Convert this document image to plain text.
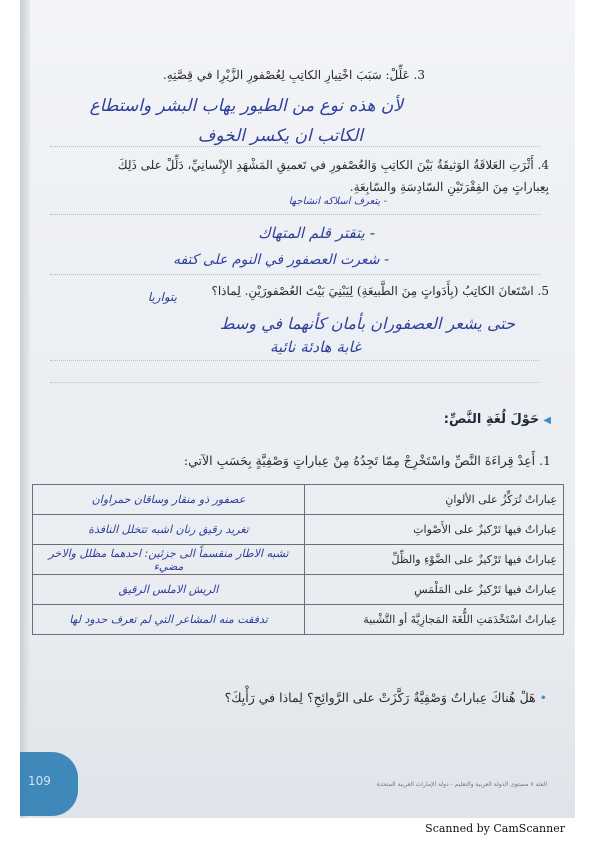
3. عَلِّلْ: سَبَبَ اخْتِيارِ الكاتِبِ لِعُصْفورِ الزَّيْرِا في قِصَّتِهِ.
لأن هذه نوع من الطيور يهاب البشر واستطاع
الكاتب ان يكسر الخوف
4. أَثْرَتِ العَلاقَةُ الوَثيقَةُ بَيْنَ الكاتِبِ وَالعُصْفورِ في تَعميقِ المَشْهَدِ الإِنْسانِيِّ، دَلِّلْ على ذَلِكَ
بِعِباراتٍ مِنَ الفِقْرَتَيْنِ السّادِسَةِ والسّابِعَةِ.
- يتعرف اسلاكه انشاجها
- يتقتر قلم المتهاك
- شعرت العصفور في النوم على كتفه
5. اسْتَعانَ الكاتِبُ (بِأَدَواتٍ مِنَ الطَّبيعَةِ) لِيَبْنِيَ بَيْتَ العُصْفورَيْنِ. لِماذا؟
يتواريا
حتى يشعر العصفوران بأمان كأنهما في وسط
غابة هادئة نائية
◀حَوْلَ لُغَةِ النَّصِّ:
1. أَعِدْ قِراءَةَ النَّصِّ واسْتَخْرِجْ مِمّا تَجِدُهُ مِنْ عِباراتٍ وَصْفِيَّةٍ بِحَسَبِ الآتي:
عِباراتٌ تُرَكِّزُ على الألوانِ	عصفور ذو منقار وساقان حمراوان
عِباراتٌ فيها تَرْكيزٌ على الأَصْواتِ	تغريد رقيق رنان اشبه تتخلل النافذة
عِباراتٌ فيها تَرْكيزٌ على الضَّوْءِ والظِّلِّ	تشبه الاطار منقسماً الى جزئين: احدهما مظلل والاخر مضيء
عِباراتٌ فيها تَرْكيزٌ على المَلْمَسِ	الريش الاملس الرقيق
عِباراتٌ اسْتَخْدَمَتِ اللُّغَةَ المَجازِيَّةَ أو التَّشْبيهَ	تدفقت منه المشاعر التي لم تعرف حدود لها
• هَلْ هُناكَ عِباراتٌ وَصْفِيَّةٌ رَكَّزَتْ على الرَّوائِحِ؟ لِماذا في رَأْيِكَ؟
الفئة ٧ مستوى الدولة العربية والتعليم - دولة الإمارات العربية المتحدة
109
Scanned by CamScanner
